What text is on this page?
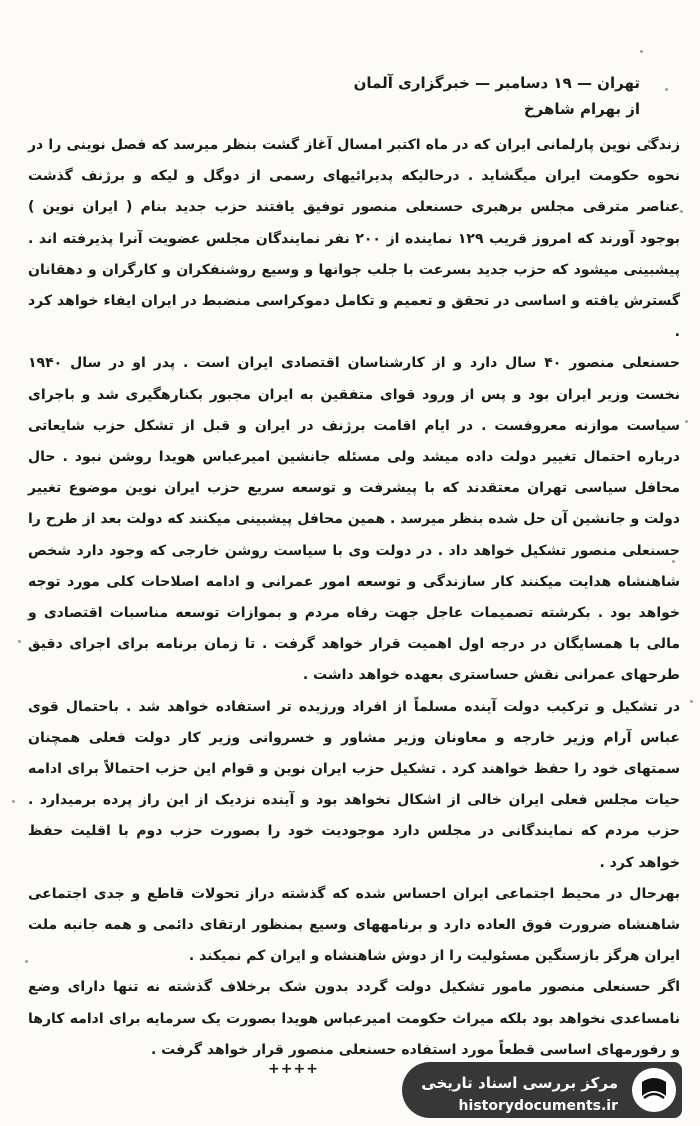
تهران — ۱۹ دسامبر — خبرگزاری آلمان
از بهرام شاهرخ

زندگی نوین پارلمانی ایران که در ماه اکتبر امسال آغاز گشت بنظر میرسد که فصل نوینی را در نحوه حکومت ایران میگشاید . درحالیکه پدیرائیهای رسمی از دوگل و لیکه و برژنف گذشت عناصر مترقی مجلس برهبری حسنعلی منصور توفیق یافتند حزب جدید بنام ( ایران نوین ) بوجود آورند که امروز قریب ۱۲۹ نماینده از ۲۰۰ نفر نمایندگان مجلس عضویت آنرا پذیرفته اند . پیشبینی میشود که حزب جدید بسرعت با جلب جوانها و وسیع روشنفکران و کارگران و دهقانان گسترش یافته و اساسی در تحقق و تعمیم و تکامل دموکراسی منضبط در ایران ایفاء خواهد کرد .

حسنعلی منصور ۴۰ سال دارد و از کارشناسان اقتصادی ایران است . پدر او در سال ۱۹۴۰ نخست وزیر ایران بود و پس از ورود قوای متفقین به ایران مجبور بکنارهگیری شد و باجرای سیاست موازنه معروفست . در ایام اقامت برژنف در ایران و قبل از تشکل حزب شایعاتی درباره احتمال تغییر دولت داده میشد ولی مسئله جانشین امیرعباس هویدا روشن نبود . حال محافل سیاسی تهران معتقدند که با پیشرفت و توسعه سریع حزب ایران نوین موضوع تغییر دولت و جانشین آن حل شده بنظر میرسد . همین محافل پیشبینی میکنند که دولت بعد از طرح را حسنعلی منصور تشکیل خواهد داد . در دولت وی با سیاست روشن خارجی که وجود دارد شخص شاهنشاه هدایت میکنند کار سازندگی و توسعه امور عمرانی و ادامه اصلاحات کلی مورد توجه خواهد بود . بکرشته تصمیمات عاجل جهت رفاه مردم و بموازات توسعه مناسبات اقتصادی و مالی با همسایگان در درجه اول اهمیت قرار خواهد گرفت . تا زمان برنامه برای اجرای دقیق طرحهای عمرانی نقش حساستری بعهده خواهد داشت .

در تشکیل و ترکیب دولت آینده مسلماً از افراد ورزیده تر استفاده خواهد شد . باحتمال قوی عباس آرام وزیر خارجه و معاونان وزیر مشاور و خسروانی وزیر کار دولت فعلی همچنان سمتهای خود را حفظ خواهند کرد . تشکیل حزب ایران نوین و قوام این حزب احتمالاً برای ادامه حیات مجلس فعلی ایران خالی از اشکال نخواهد بود و آینده نزدیک از این راز پرده برمیدارد . حزب مردم که نمایندگانی در مجلس دارد موجودیت خود را بصورت حزب دوم با اقلیت حفظ خواهد کرد .

بهرحال در محیط اجتماعی ایران احساس شده که گذشته دراز تحولات قاطع و جدی اجتماعی شاهنشاه ضرورت فوق العاده دارد و برنامههای وسیع بمنظور ارتقای دائمی و همه جانبه ملت ایران هرگز بازسنگین مسئولیت را از دوش شاهنشاه و ایران کم نمیکند .

اگر حسنعلی منصور مامور تشکیل دولت گردد بدون شک برخلاف گذشته نه تنها دارای وضع نامساعدی نخواهد بود بلکه میراث حکومت امیرعباس هویدا بصورت یک سرمایه برای ادامه کارها و رفورمهای اساسی قطعاً مورد استفاده حسنعلی منصور قرار خواهد گرفت .

++++
مرکز بررسی اسناد تاریخی
historydocuments.ir
